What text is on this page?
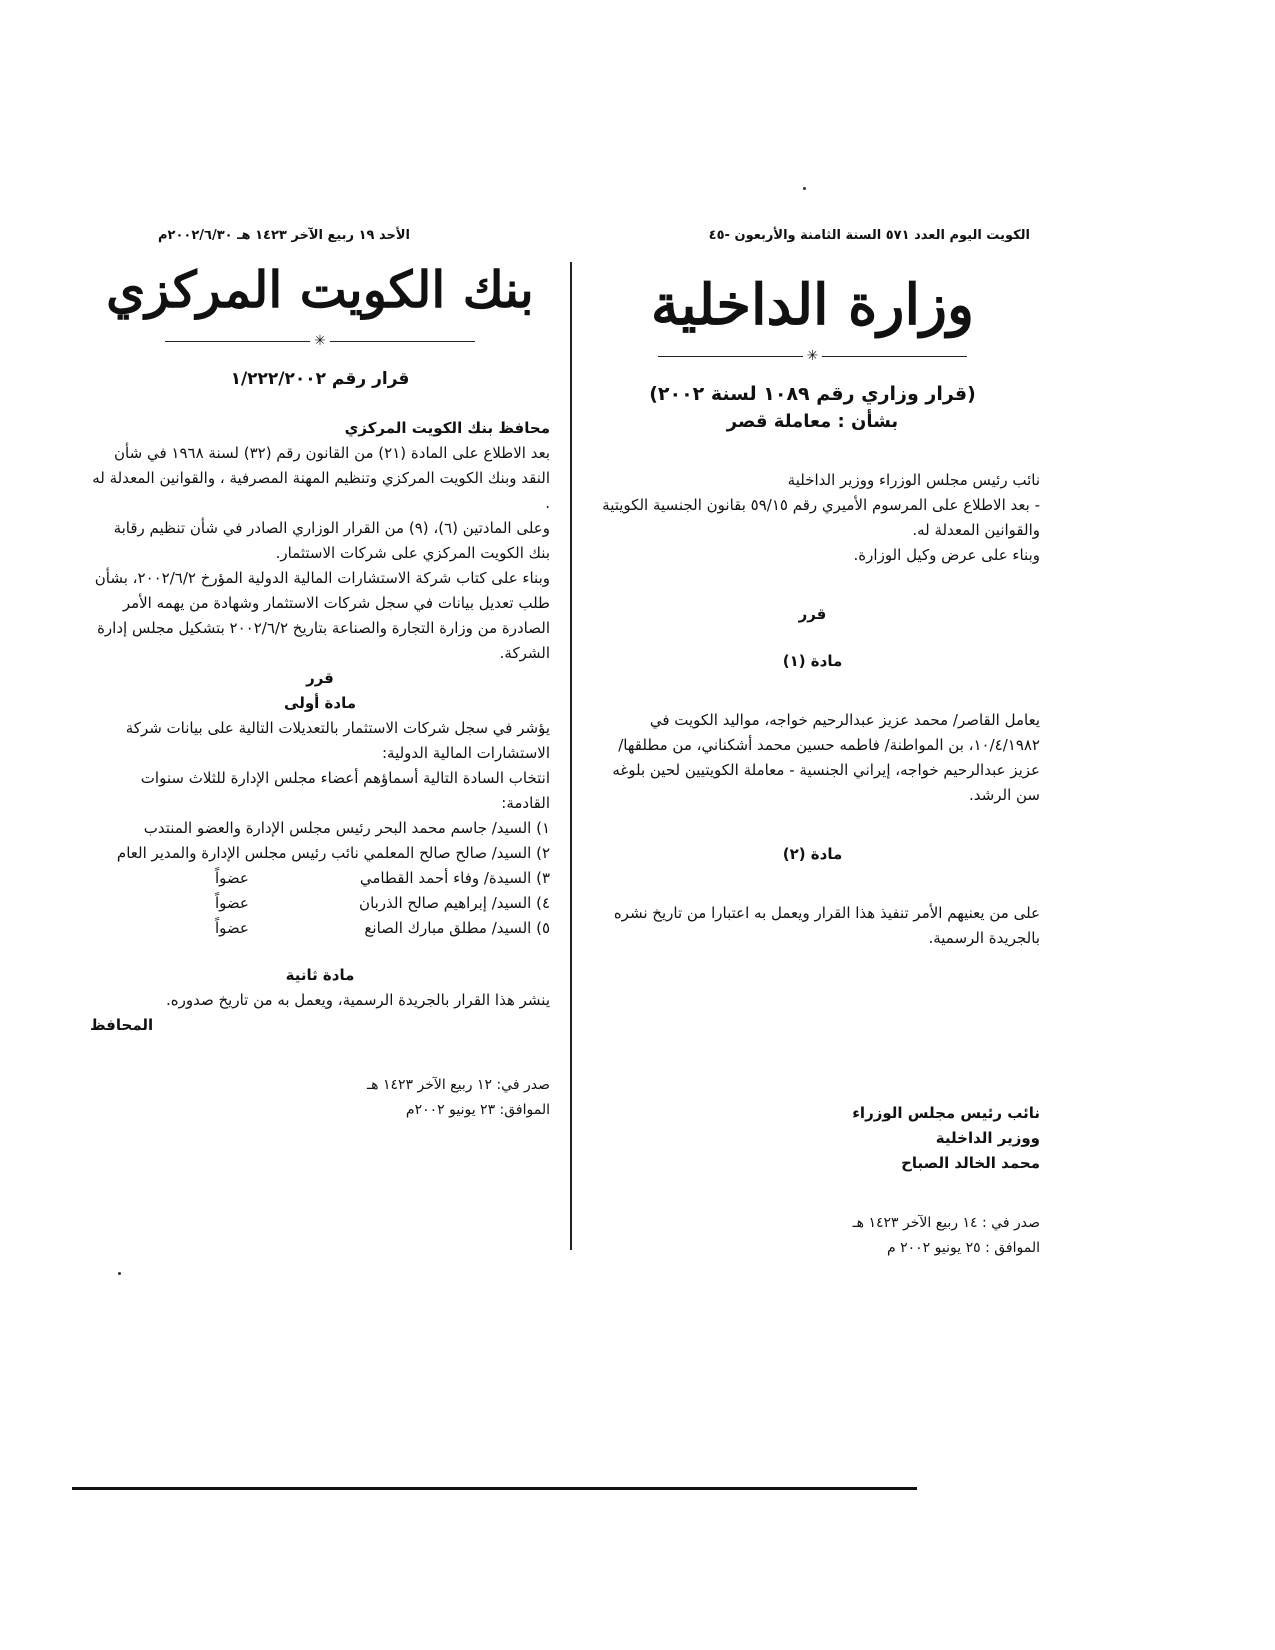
الكويت اليوم العدد ٥٧١ السنة الثامنة والأربعون -٤٥
الأحد ١٩ ربيع الآخر ١٤٢٣ هـ ٢٠٠٢/٦/٣٠م
وزارة الداخلية
✳
(قرار وزاري رقم ١٠٨٩ لسنة ٢٠٠٢)
بشأن : معاملة قصر

نائب رئيس مجلس الوزراء ووزير الداخلية

- بعد الاطلاع على المرسوم الأميري رقم ٥٩/١٥ بقانون الجنسية الكويتية والقوانين المعدلة له.

وبناء على عرض وكيل الوزارة.

قرر
مادة (١)

يعامل القاصر/ محمد عزيز عبدالرحيم خواجه، مواليد الكويت في ١٠/٤/١٩٨٢، بن المواطنة/ فاطمه حسين محمد أشكناني، من مطلقها/ عزيز عبدالرحيم خواجه، إيراني الجنسية - معاملة الكويتيين لحين بلوغه سن الرشد.

مادة (٢)

على من يعنيهم الأمر تنفيذ هذا القرار ويعمل به اعتبارا من تاريخ نشره بالجريدة الرسمية.

نائب رئيس مجلس الوزراء
ووزير الداخلية
محمد الخالد الصباح
صدر في : ١٤ ربيع الآخر ١٤٢٣ هـ
الموافق : ٢٥ يونيو ٢٠٠٢ م
بنك الكويت المركزي
✳
قرار رقم ١/٢٢٢/٢٠٠٢
محافظ بنك الكويت المركزي

بعد الاطلاع على المادة (٢١) من القانون رقم (٣٢) لسنة ١٩٦٨ في شأن النقد وبنك الكويت المركزي وتنظيم المهنة المصرفية ، والقوانين المعدلة له .

وعلى المادتين (٦)، (٩) من القرار الوزاري الصادر في شأن تنظيم رقابة بنك الكويت المركزي على شركات الاستثمار.

وبناء على كتاب شركة الاستشارات المالية الدولية المؤرخ ٢٠٠٢/٦/٢، بشأن طلب تعديل بيانات في سجل شركات الاستثمار وشهادة من يهمه الأمر الصادرة من وزارة التجارة والصناعة بتاريخ ٢٠٠٢/٦/٢ بتشكيل مجلس إدارة الشركة.

قرر
مادة أولى

يؤشر في سجل شركات الاستثمار بالتعديلات التالية على بيانات شركة الاستشارات المالية الدولية:

انتخاب السادة التالية أسماؤهم أعضاء مجلس الإدارة للثلاث سنوات القادمة:

١) السيد/ جاسم محمد البحر رئيس مجلس الإدارة والعضو المنتدب

٢) السيد/ صالح صالح المعلمي نائب رئيس مجلس الإدارة والمدير العام

٣) السيدة/ وفاء أحمد القطامي
عضواً
٤) السيد/ إبراهيم صالح الذربان
عضواً
٥) السيد/ مطلق مبارك الصانع
عضواً
مادة ثانية

ينشر هذا القرار بالجريدة الرسمية، ويعمل به من تاريخ صدوره.

المحافظ
صدر في: ١٢ ربيع الآخر ١٤٢٣ هـ
الموافق: ٢٣ يونيو ٢٠٠٢م
